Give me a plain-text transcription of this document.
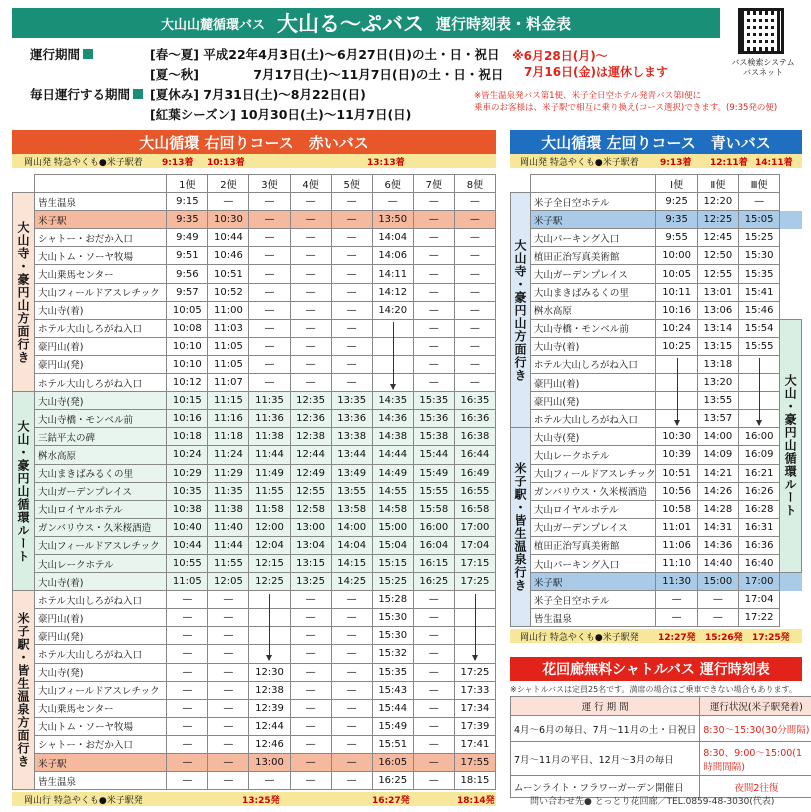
大山山麓循環バス 大山る〜ぷバス 運行時刻表・料金表
バス検索システム バスネット
運行期間	[春〜夏] 平成22年4月3日(土)〜6月27日(日)の土・日・祝日
[夏〜秋]　　　　 7月17日(土)〜11月7日(日)の土・日・祝日
毎日運行する期間	[夏休み] 7月31日(土)〜8月22日(日)
[紅葉シーズン] 10月30日(土)〜11月7日(日)
※6月28日(月)〜
7月16日(金)は運休します
※皆生温泉発バス第1便、米子全日空ホテル発青バス第Ⅰ便に
乗車のお客様は、米子駅で相互に乗り換え(コース選択)できます。(9:35発の便)
大山循環 右回りコース　赤いバス
岡山発 特急やくも●米子駅着 9:13着 10:13着	13:13着
		1便	2便	3便	4便	5便	6便	7便	8便
大山寺・豪円山方面行き	皆生温泉	9:15	—	—	—	—	—	—	—
	米子駅	9:35	10:30	—	—	—	13:50	—	—
	シャトー・おだか入口	9:49	10:44	—	—	—	14:04	—	—
	大山トム・ソーヤ牧場	9:51	10:46	—	—	—	14:06	—	—
	大山乗馬センター	9:56	10:51	—	—	—	14:11	—	—
	大山フィールドアスレチック	9:57	10:52	—	—	—	14:12	—	—
	大山寺(着)	10:05	11:00	—	—	—	14:20	—	—
	ホテル大山しろがね入口	10:08	11:03	—	—	—		—	—
	豪円山(着)	10:10	11:05	—	—	—		—	—
	豪円山(発)	10:10	11:05	—	—	—		—	—
	ホテル大山しろがね入口	10:12	11:07	—	—	—		—	—
大山・豪円山循環ルート	大山寺(発)	10:15	11:15	11:35	12:35	13:35	14:35	15:35	16:35
	大山寺橋・モンベル前	10:16	11:16	11:36	12:36	13:36	14:36	15:36	16:36
	三鈷平太の碑	10:18	11:18	11:38	12:38	13:38	14:38	15:38	16:38
	桝水高原	10:24	11:24	11:44	12:44	13:44	14:44	15:44	16:44
	大山まきばみるくの里	10:29	11:29	11:49	12:49	13:49	14:49	15:49	16:49
	大山ガーデンプレイス	10:35	11:35	11:55	12:55	13:55	14:55	15:55	16:55
	大山ロイヤルホテル	10:38	11:38	11:58	12:58	13:58	14:58	15:58	16:58
	ガンバリウス・久米桜酒造	10:40	11:40	12:00	13:00	14:00	15:00	16:00	17:00
	大山フィールドアスレチック	10:44	11:44	12:04	13:04	14:04	15:04	16:04	17:04
	大山レークホテル	10:55	11:55	12:15	13:15	14:15	15:15	16:15	17:15
	大山寺(着)	11:05	12:05	12:25	13:25	14:25	15:25	16:25	17:25
米子駅・皆生温泉方面行き	ホテル大山しろがね入口	—	—		—	—	15:28	—	
	豪円山(着)	—	—		—	—	15:30	—	
	豪円山(発)	—	—		—	—	15:30	—	
	ホテル大山しろがね入口	—	—		—	—	15:32	—	
	大山寺(発)	—	—	12:30	—	—	15:35	—	17:25
	大山フィールドアスレチック	—	—	12:38	—	—	15:43	—	17:33
	大山乗馬センター	—	—	12:39	—	—	15:44	—	17:34
	大山トム・ソーヤ牧場	—	—	12:44	—	—	15:49	—	17:39
	シャトー・おだか入口	—	—	12:46	—	—	15:51	—	17:41
	米子駅	—	—	13:00	—	—	16:05	—	17:55
	皆生温泉	—	—	—	—	—	16:25	—	18:15
岡山行 特急やくも●米子駅発	13:25発	16:27発	18:14発
大山循環 左回りコース　青いバス
岡山発 特急やくも●米子駅着 9:13着 12:11着 14:11着
		Ⅰ便	Ⅱ便	Ⅲ便	
大山寺・豪円山方面行き	米子全日空ホテル	9:25	12:20	—	
	米子駅	9:35	12:25	15:05	
	大山パーキング入口	9:55	12:45	15:25	
	植田正治写真美術館	10:00	12:50	15:30	
	大山ガーデンプレイス	10:05	12:55	15:35	
	大山まきばみるくの里	10:11	13:01	15:41	
	桝水高原	10:16	13:06	15:46	
	大山寺橋・モンベル前	10:24	13:14	15:54	大山・豪円山循環ルート
	大山寺(着)	10:25	13:15	15:55	
	ホテル大山しろがね入口		13:18		
	豪円山(着)		13:20		
	豪円山(発)		13:55		
	ホテル大山しろがね入口		13:57		
米子駅・皆生温泉行き	大山寺(発)	10:30	14:00	16:00	
	大山レークホテル	10:39	14:09	16:09	
	大山フィールドアスレチック	10:51	14:21	16:21	
	ガンバリウス・久米桜酒造	10:56	14:26	16:26	
	大山ロイヤルホテル	10:58	14:28	16:28	
	大山ガーデンプレイス	11:01	14:31	16:31	
	植田正治写真美術館	11:06	14:36	16:36	
	大山パーキング入口	11:10	14:40	16:40	
	米子駅	11:30	15:00	17:00	
	米子全日空ホテル	—	—	17:04	
	皆生温泉	—	—	17:22	
岡山行 特急やくも●米子駅発 12:27発 15:26発 17:25発
花回廊無料シャトルバス 運行時刻表
※シャトルバスは定員25名です。満席の場合はご乗車できない場合もあります。
運 行 期 間	運行状況(米子駅発着)
4月〜6月の毎日、7月〜11月の土・日祝日	8:30〜15:30(30分間隔)
7月〜11月の平日、12月〜3月の毎日	8:30、9:00〜15:00(1時間間隔)
ムーンライト・フラワーガーデン開催日	夜間2往復
問い合わせ先● とっとり花回廊／TEL.0859-48-3030(代表)
